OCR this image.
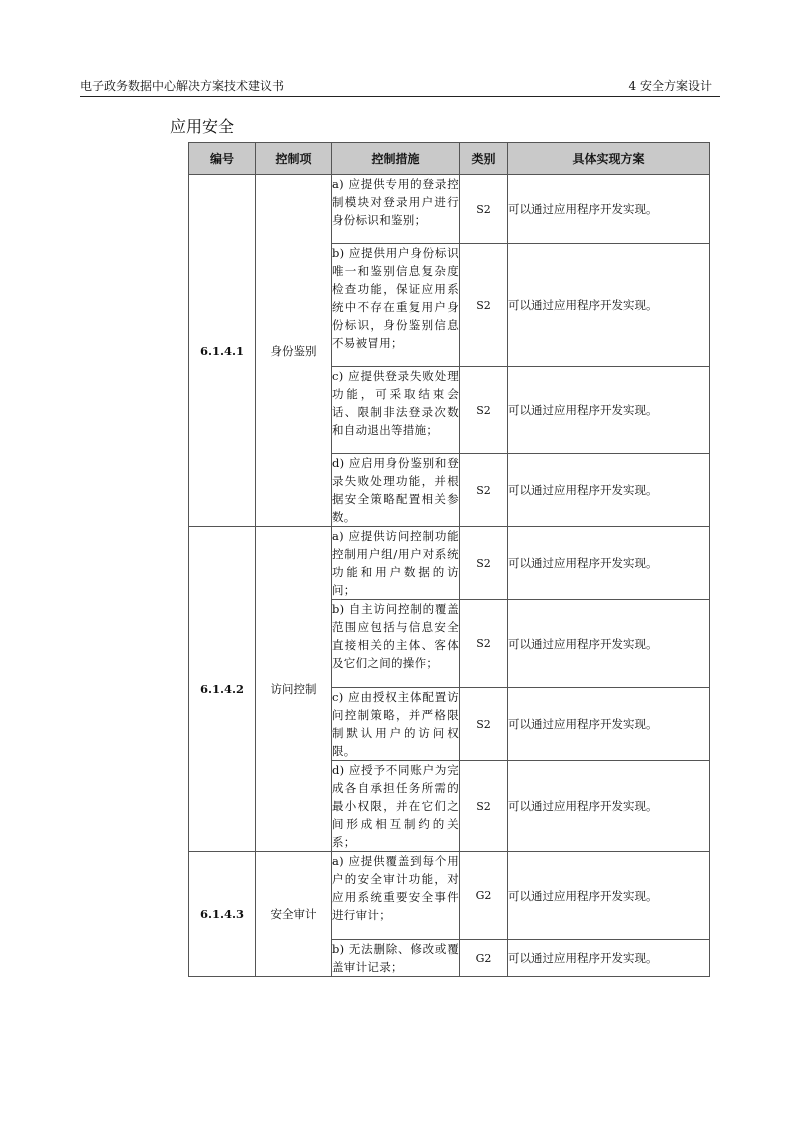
电子政务数据中心解决方案技术建议书	4 安全方案设计
应用安全
编号	控制项	控制措施	类别	具体实现方案
6.1.4.1	身份鉴别	a) 应提供专用的登录控制模块对登录用户进行身份标识和鉴别；	S2	可以通过应用程序开发实现。
		b) 应提供用户身份标识唯一和鉴别信息复杂度检查功能，保证应用系统中不存在重复用户身份标识，身份鉴别信息不易被冒用；	S2	可以通过应用程序开发实现。
		c) 应提供登录失败处理功能，可采取结束会话、限制非法登录次数和自动退出等措施；	S2	可以通过应用程序开发实现。
		d) 应启用身份鉴别和登录失败处理功能，并根据安全策略配置相关参数。	S2	可以通过应用程序开发实现。
6.1.4.2	访问控制	a) 应提供访问控制功能控制用户组/用户对系统功能和用户数据的访问；	S2	可以通过应用程序开发实现。
		b) 自主访问控制的覆盖范围应包括与信息安全直接相关的主体、客体及它们之间的操作；	S2	可以通过应用程序开发实现。
		c) 应由授权主体配置访问控制策略，并严格限制默认用户的访问权限。	S2	可以通过应用程序开发实现。
		d) 应授予不同账户为完成各自承担任务所需的最小权限，并在它们之间形成相互制约的关系；	S2	可以通过应用程序开发实现。
6.1.4.3	安全审计	a) 应提供覆盖到每个用户的安全审计功能，对应用系统重要安全事件进行审计；	G2	可以通过应用程序开发实现。
		b) 无法删除、修改或覆盖审计记录；	G2	可以通过应用程序开发实现。
